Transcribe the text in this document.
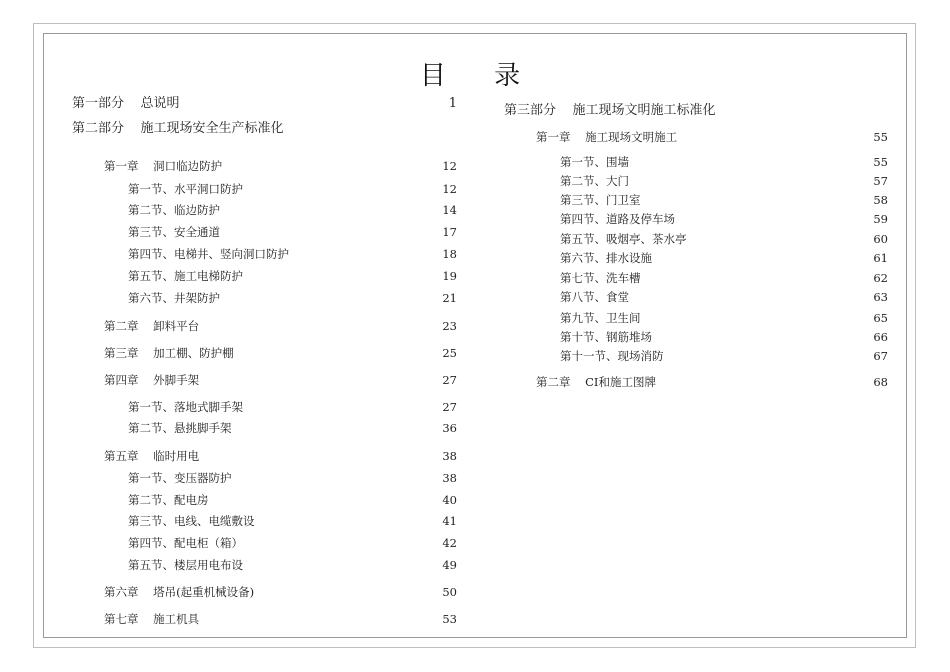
目 录
第一部分    总说明	1
第二部分    施工现场安全生产标准化
第一章    洞口临边防护	12
第一节、水平洞口防护	12
第二节、临边防护	14
第三节、安全通道	17
第四节、电梯井、竖向洞口防护	18
第五节、施工电梯防护	19
第六节、井架防护	21
第二章    卸料平台	23
第三章    加工棚、防护棚	25
第四章    外脚手架	27
第一节、落地式脚手架	27
第二节、悬挑脚手架	36
第五章    临时用电	38
第一节、变压器防护	38
第二节、配电房	40
第三节、电线、电缆敷设	41
第四节、配电柜（箱）	42
第五节、楼层用电布设	49
第六章    塔吊(起重机械设备)	50
第七章    施工机具	53
第三部分    施工现场文明施工标准化
第一章    施工现场文明施工	55
第一节、围墙	55
第二节、大门	57
第三节、门卫室	58
第四节、道路及停车场	59
第五节、吸烟亭、茶水亭	60
第六节、排水设施	61
第七节、洗车槽	62
第八节、食堂	63
第九节、卫生间	65
第十节、钢筋堆场	66
第十一节、现场消防	67
第二章    CI和施工图牌	68
